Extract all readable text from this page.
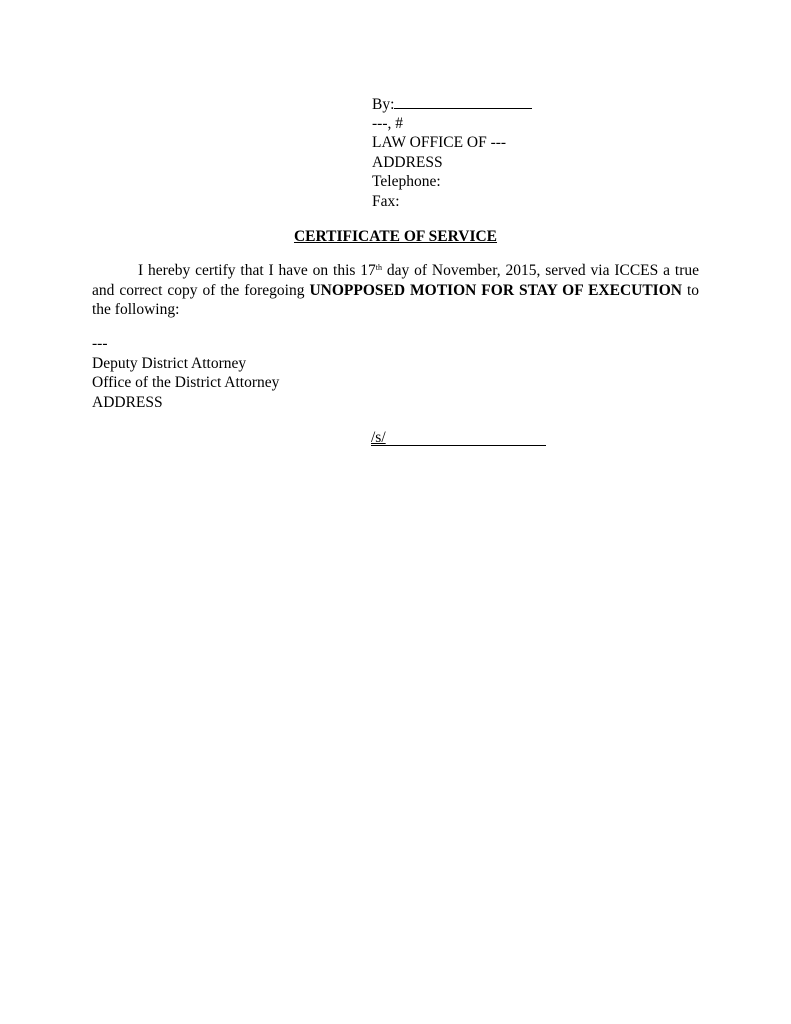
By:
---, #
LAW OFFICE OF ---
ADDRESS
Telephone:
Fax:
CERTIFICATE OF SERVICE
I hereby certify that I have on this 17th day of November, 2015, served via ICCES a true and correct copy of the foregoing UNOPPOSED MOTION FOR STAY OF EXECUTION to the following:
---
Deputy District Attorney
Office of the District Attorney
ADDRESS
/s/
